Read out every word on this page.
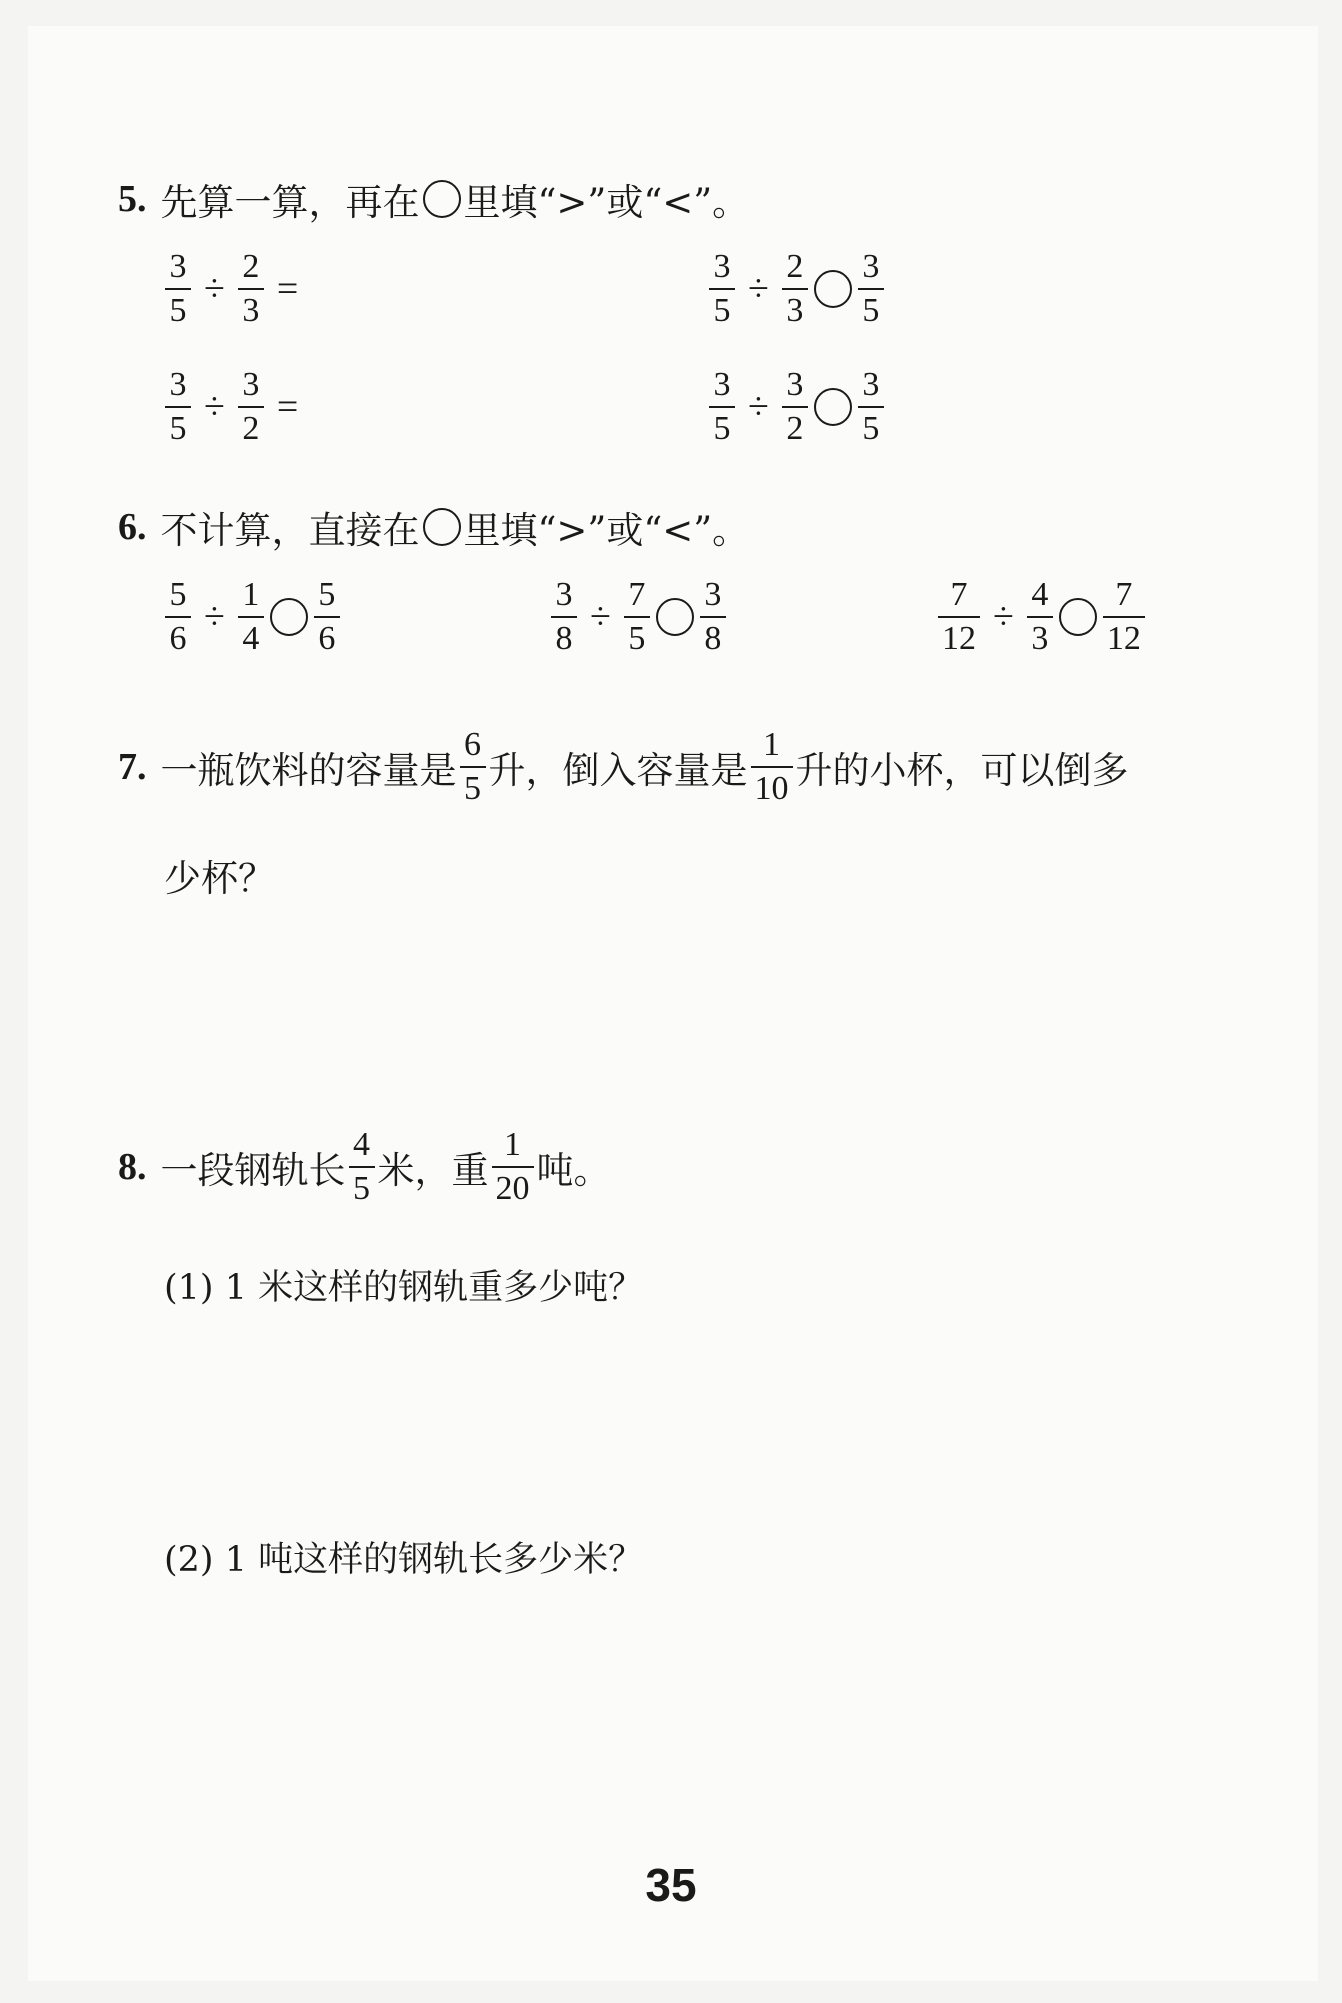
5. 先算一算，再在 里填“>”或“<”。
$\frac{3}{5} \div \frac{2}{3}$ =	$\frac{3}{5} \div \frac{2}{3} \frac{3}{5}$
$\frac{3}{5} \div \frac{3}{2}$ =	$\frac{3}{5} \div \frac{3}{2} \frac{3}{5}$
6. 不计算，直接在 里填“>”或“<”。
$\frac{5}{6} \div \frac{1}{4} \frac{5}{6}$	$\frac{3}{8} \div \frac{7}{5} \frac{3}{8}$	$\frac{7}{12} \div \frac{4}{3} \frac{7}{12}$
7. 一瓶饮料的容量是 $\frac{6}{5}$ 升，倒入容量是 $\frac{1}{10}$ 升的小杯，可以倒多
少杯？
8. 一段钢轨长 $\frac{4}{5}$ 米，重 $\frac{1}{20}$ 吨。
(1) 1 米这样的钢轨重多少吨？
(2) 1 吨这样的钢轨长多少米？
35
